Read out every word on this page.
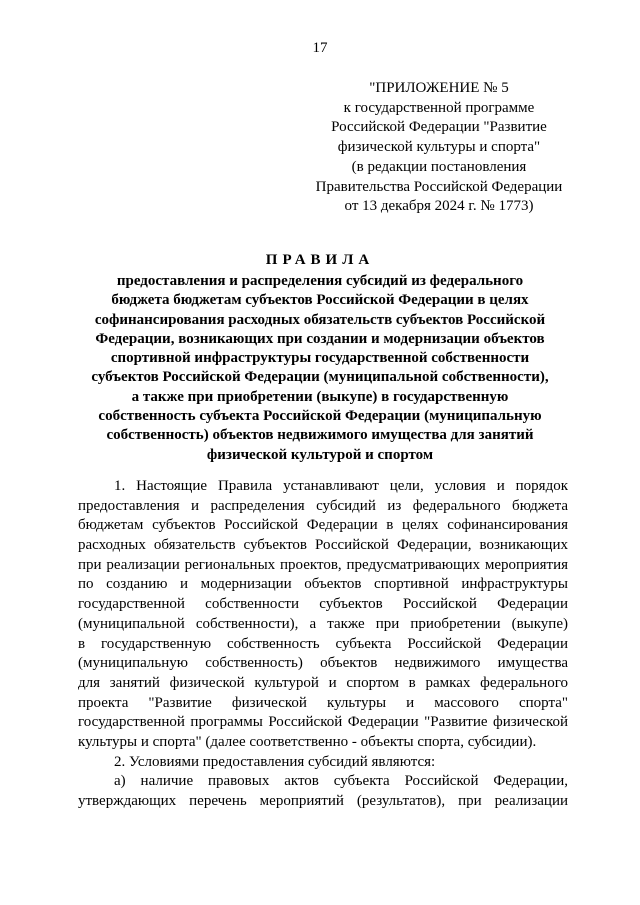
17
"ПРИЛОЖЕНИЕ № 5
к государственной программе
Российской Федерации "Развитие
физической культуры и спорта"
(в редакции постановления
Правительства Российской Федерации
от 13 декабря 2024 г. № 1773)
ПРАВИЛА
предоставления и распределения субсидий из федерального
бюджета бюджетам субъектов Российской Федерации в целях
софинансирования расходных обязательств субъектов Российской
Федерации, возникающих при создании и модернизации объектов
спортивной инфраструктуры государственной собственности
субъектов Российской Федерации (муниципальной собственности),
а также при приобретении (выкупе) в государственную
собственность субъекта Российской Федерации (муниципальную
собственность) объектов недвижимого имущества для занятий
физической культурой и спортом
1. Настоящие Правила устанавливают цели, условия и порядок
предоставления и распределения субсидий из федерального бюджета
бюджетам субъектов Российской Федерации в целях софинансирования
расходных обязательств субъектов Российской Федерации, возникающих
при реализации региональных проектов, предусматривающих мероприятия
по созданию и модернизации объектов спортивной инфраструктуры
государственной собственности субъектов Российской Федерации
(муниципальной собственности), а также при приобретении (выкупе)
в государственную собственность субъекта Российской Федерации
(муниципальную собственность) объектов недвижимого имущества
для занятий физической культурой и спортом в рамках федерального
проекта "Развитие физической культуры и массового спорта"
государственной программы Российской Федерации "Развитие физической
культуры и спорта" (далее соответственно - объекты спорта, субсидии).
2. Условиями предоставления субсидий являются:
а) наличие правовых актов субъекта Российской Федерации,
утверждающих перечень мероприятий (результатов), при реализации
